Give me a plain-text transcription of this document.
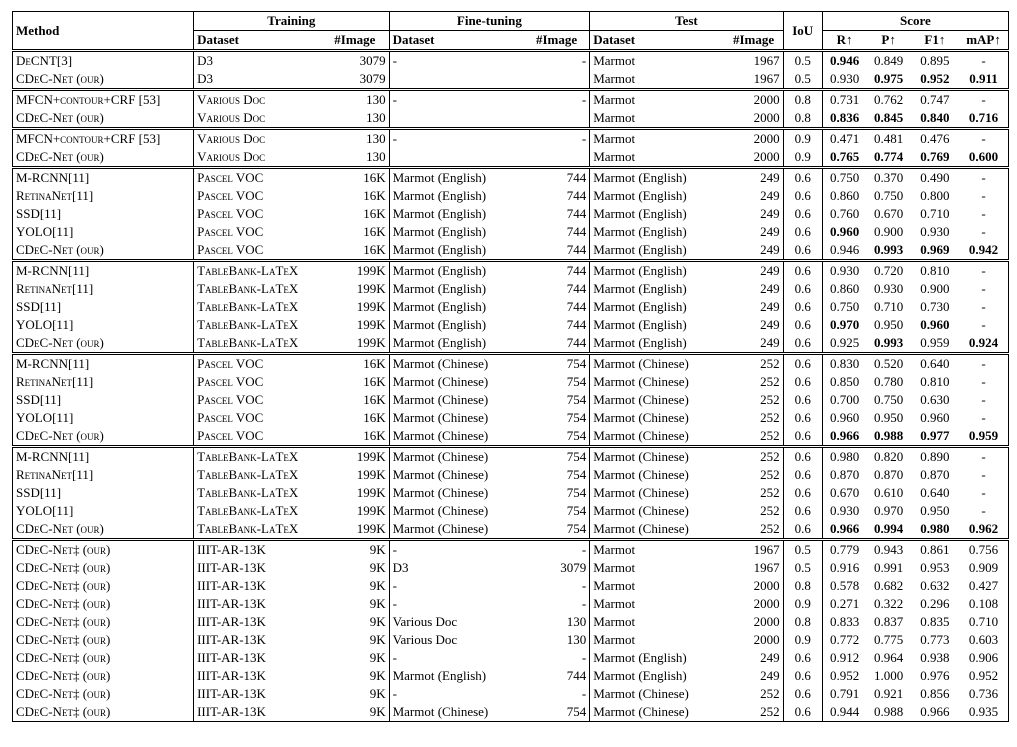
Method	Training		Fine-tuning		Test		IoU	Score			
	Dataset	#Image	Dataset	#Image	Dataset	#Image		R↑	P↑	F1↑	mAP↑
DeCNT[3]	D3	3079	-	-	Marmot	1967	0.5	0.946	0.849	0.895	-
CDeC-Net (our)	D3	3079			Marmot	1967	0.5	0.930	0.975	0.952	0.911
MFCN+contour+CRF [53]	Various Doc	130	-	-	Marmot	2000	0.8	0.731	0.762	0.747	-
CDeC-Net (our)	Various Doc	130			Marmot	2000	0.8	0.836	0.845	0.840	0.716
MFCN+contour+CRF [53]	Various Doc	130	-	-	Marmot	2000	0.9	0.471	0.481	0.476	-
CDeC-Net (our)	Various Doc	130			Marmot	2000	0.9	0.765	0.774	0.769	0.600
M-RCNN[11]	Pascel VOC	16K	Marmot (English)	744	Marmot (English)	249	0.6	0.750	0.370	0.490	-
RetinaNet[11]	Pascel VOC	16K	Marmot (English)	744	Marmot (English)	249	0.6	0.860	0.750	0.800	-
SSD[11]	Pascel VOC	16K	Marmot (English)	744	Marmot (English)	249	0.6	0.760	0.670	0.710	-
YOLO[11]	Pascel VOC	16K	Marmot (English)	744	Marmot (English)	249	0.6	0.960	0.900	0.930	-
CDeC-Net (our)	Pascel VOC	16K	Marmot (English)	744	Marmot (English)	249	0.6	0.946	0.993	0.969	0.942
M-RCNN[11]	TableBank-LaTeX	199K	Marmot (English)	744	Marmot (English)	249	0.6	0.930	0.720	0.810	-
RetinaNet[11]	TableBank-LaTeX	199K	Marmot (English)	744	Marmot (English)	249	0.6	0.860	0.930	0.900	-
SSD[11]	TableBank-LaTeX	199K	Marmot (English)	744	Marmot (English)	249	0.6	0.750	0.710	0.730	-
YOLO[11]	TableBank-LaTeX	199K	Marmot (English)	744	Marmot (English)	249	0.6	0.970	0.950	0.960	-
CDeC-Net (our)	TableBank-LaTeX	199K	Marmot (English)	744	Marmot (English)	249	0.6	0.925	0.993	0.959	0.924
M-RCNN[11]	Pascel VOC	16K	Marmot (Chinese)	754	Marmot (Chinese)	252	0.6	0.830	0.520	0.640	-
RetinaNet[11]	Pascel VOC	16K	Marmot (Chinese)	754	Marmot (Chinese)	252	0.6	0.850	0.780	0.810	-
SSD[11]	Pascel VOC	16K	Marmot (Chinese)	754	Marmot (Chinese)	252	0.6	0.700	0.750	0.630	-
YOLO[11]	Pascel VOC	16K	Marmot (Chinese)	754	Marmot (Chinese)	252	0.6	0.960	0.950	0.960	-
CDeC-Net (our)	Pascel VOC	16K	Marmot (Chinese)	754	Marmot (Chinese)	252	0.6	0.966	0.988	0.977	0.959
M-RCNN[11]	TableBank-LaTeX	199K	Marmot (Chinese)	754	Marmot (Chinese)	252	0.6	0.980	0.820	0.890	-
RetinaNet[11]	TableBank-LaTeX	199K	Marmot (Chinese)	754	Marmot (Chinese)	252	0.6	0.870	0.870	0.870	-
SSD[11]	TableBank-LaTeX	199K	Marmot (Chinese)	754	Marmot (Chinese)	252	0.6	0.670	0.610	0.640	-
YOLO[11]	TableBank-LaTeX	199K	Marmot (Chinese)	754	Marmot (Chinese)	252	0.6	0.930	0.970	0.950	-
CDeC-Net (our)	TableBank-LaTeX	199K	Marmot (Chinese)	754	Marmot (Chinese)	252	0.6	0.966	0.994	0.980	0.962
CDeC-Net‡ (our)	IIIT-AR-13K	9K	-	-	Marmot	1967	0.5	0.779	0.943	0.861	0.756
CDeC-Net‡ (our)	IIIT-AR-13K	9K	D3	3079	Marmot	1967	0.5	0.916	0.991	0.953	0.909
CDeC-Net‡ (our)	IIIT-AR-13K	9K	-	-	Marmot	2000	0.8	0.578	0.682	0.632	0.427
CDeC-Net‡ (our)	IIIT-AR-13K	9K	-	-	Marmot	2000	0.9	0.271	0.322	0.296	0.108
CDeC-Net‡ (our)	IIIT-AR-13K	9K	Various Doc	130	Marmot	2000	0.8	0.833	0.837	0.835	0.710
CDeC-Net‡ (our)	IIIT-AR-13K	9K	Various Doc	130	Marmot	2000	0.9	0.772	0.775	0.773	0.603
CDeC-Net‡ (our)	IIIT-AR-13K	9K	-	-	Marmot (English)	249	0.6	0.912	0.964	0.938	0.906
CDeC-Net‡ (our)	IIIT-AR-13K	9K	Marmot (English)	744	Marmot (English)	249	0.6	0.952	1.000	0.976	0.952
CDeC-Net‡ (our)	IIIT-AR-13K	9K	-	-	Marmot (Chinese)	252	0.6	0.791	0.921	0.856	0.736
CDeC-Net‡ (our)	IIIT-AR-13K	9K	Marmot (Chinese)	754	Marmot (Chinese)	252	0.6	0.944	0.988	0.966	0.935
